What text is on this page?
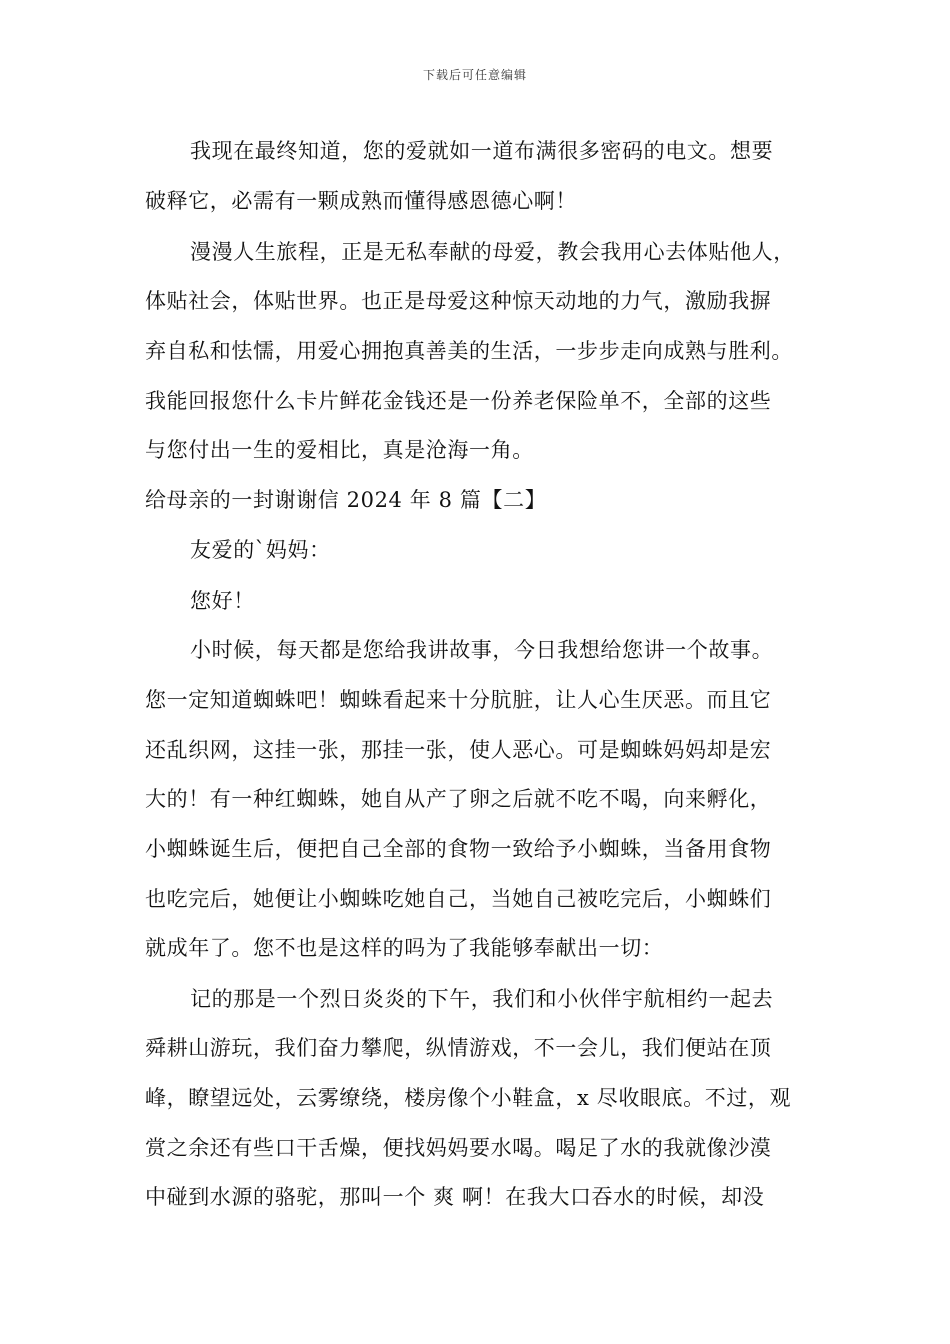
下载后可任意编辑
我现在最终知道，您的爱就如一道布满很多密码的电文。想要
破释它，必需有一颗成熟而懂得感恩德心啊！
漫漫人生旅程，正是无私奉献的母爱，教会我用心去体贴他人，
体贴社会，体贴世界。也正是母爱这种惊天动地的力气，激励我摒
弃自私和怯懦，用爱心拥抱真善美的生活，一步步走向成熟与胜利。
我能回报您什么卡片鲜花金钱还是一份养老保险单不，全部的这些
与您付出一生的爱相比，真是沧海一角。
给母亲的一封谢谢信 2024 年 8 篇【二】
友爱的`妈妈：
您好！
小时候，每天都是您给我讲故事，今日我想给您讲一个故事。
您一定知道蜘蛛吧！蜘蛛看起来十分肮脏，让人心生厌恶。而且它
还乱织网，这挂一张，那挂一张，使人恶心。可是蜘蛛妈妈却是宏
大的！有一种红蜘蛛，她自从产了卵之后就不吃不喝，向来孵化，
小蜘蛛诞生后，便把自己全部的食物一致给予小蜘蛛，当备用食物
也吃完后，她便让小蜘蛛吃她自己，当她自己被吃完后，小蜘蛛们
就成年了。您不也是这样的吗为了我能够奉献出一切：
记的那是一个烈日炎炎的下午，我们和小伙伴宇航相约一起去
舜耕山游玩，我们奋力攀爬，纵情游戏，不一会儿，我们便站在顶
峰，瞭望远处，云雾缭绕，楼房像个小鞋盒，x 尽收眼底。不过，观
赏之余还有些口干舌燥，便找妈妈要水喝。喝足了水的我就像沙漠
中碰到水源的骆驼，那叫一个 爽 啊！在我大口吞水的时候，却没
